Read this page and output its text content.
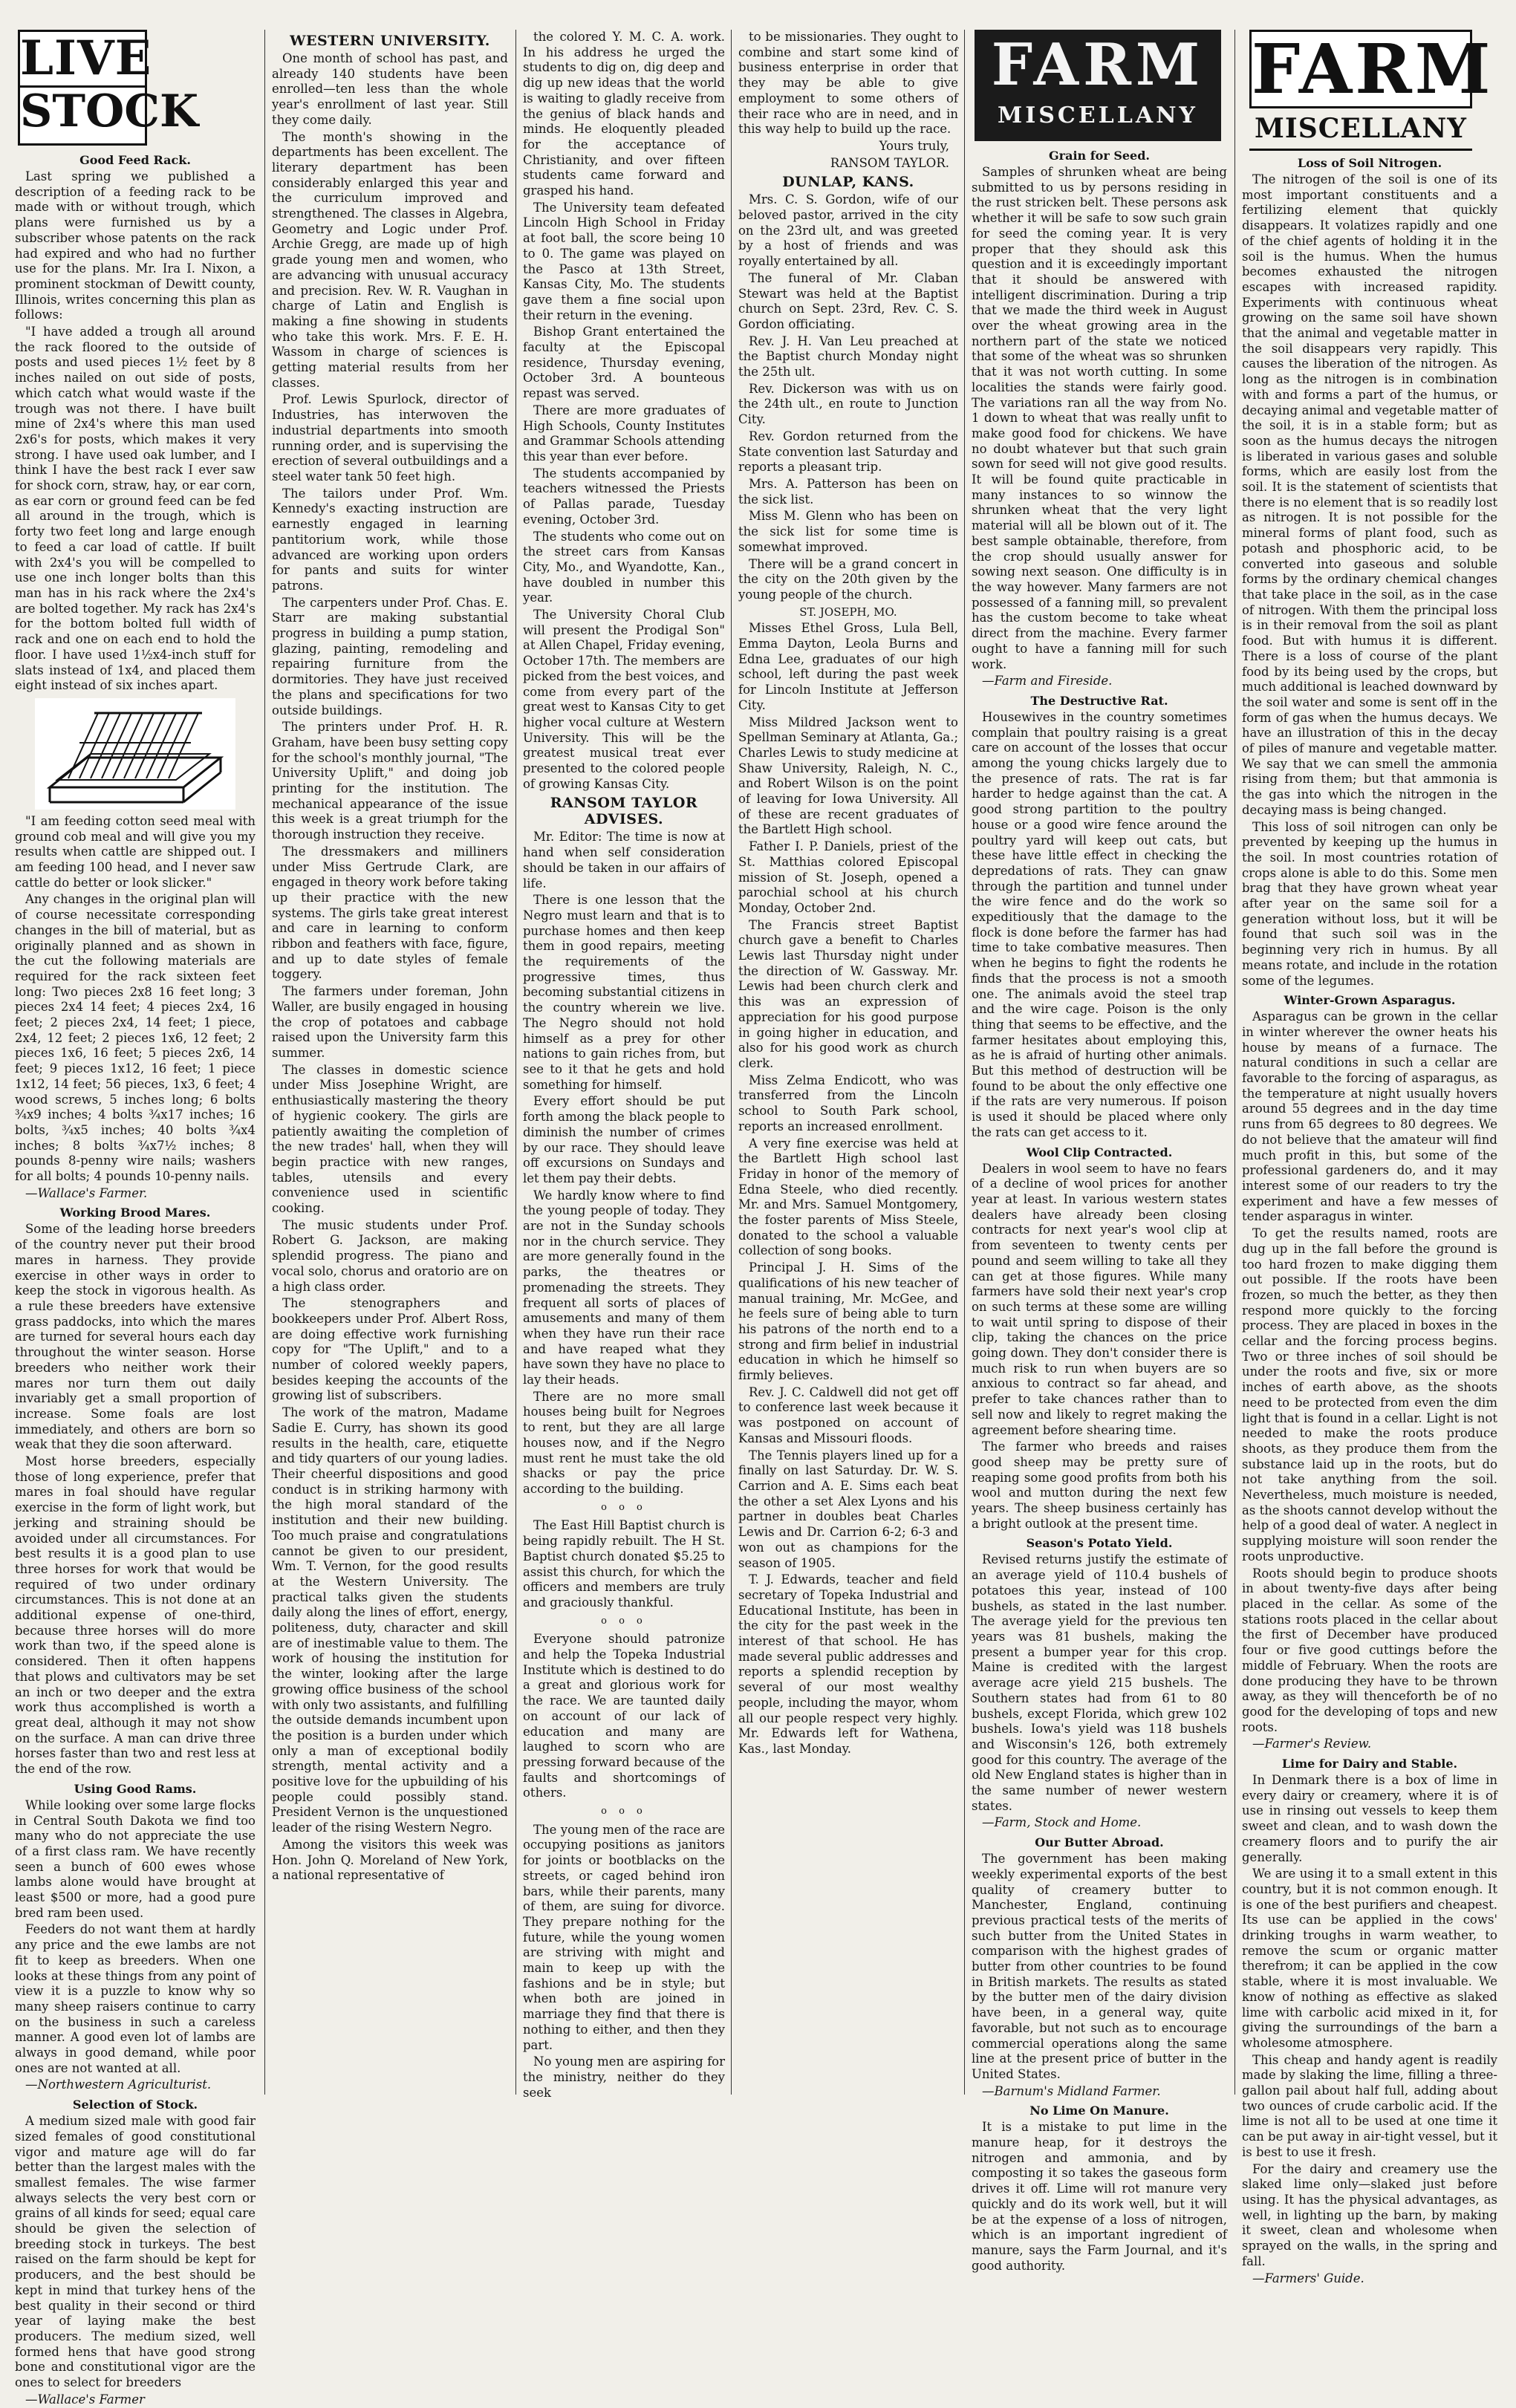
LIVE
STOCK
Good Feed Rack.

Last spring we published a description of a feeding rack to be made with or without trough, which plans were furnished us by a subscriber whose patents on the rack had expired and who had no further use for the plans. Mr. Ira I. Nixon, a prominent stockman of Dewitt county, Illinois, writes concerning this plan as follows:

"I have added a trough all around the rack floored to the outside of posts and used pieces 1½ feet by 8 inches nailed on out side of posts, which catch what would waste if the trough was not there. I have built mine of 2x4's where this man used 2x6's for posts, which makes it very strong. I have used oak lumber, and I think I have the best rack I ever saw for shock corn, straw, hay, or ear corn, as ear corn or ground feed can be fed all around in the trough, which is forty two feet long and large enough to feed a car load of cattle. If built with 2x4's you will be compelled to use one inch longer bolts than this man has in his rack where the 2x4's are bolted together. My rack has 2x4's for the bottom bolted full width of rack and one on each end to hold the floor. I have used 1½x4-inch stuff for slats instead of 1x4, and placed them eight instead of six inches apart.

"I am feeding cotton seed meal with ground cob meal and will give you my results when cattle are shipped out. I am feeding 100 head, and I never saw cattle do better or look slicker."

Any changes in the original plan will of course necessitate corresponding changes in the bill of material, but as originally planned and as shown in the cut the following materials are required for the rack sixteen feet long: Two pieces 2x8 16 feet long; 3 pieces 2x4 14 feet; 4 pieces 2x4, 16 feet; 2 pieces 2x4, 14 feet; 1 piece, 2x4, 12 feet; 2 pieces 1x6, 12 feet; 2 pieces 1x6, 16 feet; 5 pieces 2x6, 14 feet; 9 pieces 1x12, 16 feet; 1 piece 1x12, 14 feet; 56 pieces, 1x3, 6 feet; 4 wood screws, 5 inches long; 6 bolts ¾x9 inches; 4 bolts ¾x17 inches; 16 bolts, ¾x5 inches; 40 bolts ¾x4 inches; 8 bolts ¾x7½ inches; 8 pounds 8-penny wire nails; washers for all bolts; 4 pounds 10-penny nails.

—Wallace's Farmer.

Working Brood Mares.

Some of the leading horse breeders of the country never put their brood mares in harness. They provide exercise in other ways in order to keep the stock in vigorous health. As a rule these breeders have extensive grass paddocks, into which the mares are turned for several hours each day throughout the winter season. Horse breeders who neither work their mares nor turn them out daily invariably get a small proportion of increase. Some foals are lost immediately, and others are born so weak that they die soon afterward.

Most horse breeders, especially those of long experience, prefer that mares in foal should have regular exercise in the form of light work, but jerking and straining should be avoided under all circumstances. For best results it is a good plan to use three horses for work that would be required of two under ordinary circumstances. This is not done at an additional expense of one-third, because three horses will do more work than two, if the speed alone is considered. Then it often happens that plows and cultivators may be set an inch or two deeper and the extra work thus accomplished is worth a great deal, although it may not show on the surface. A man can drive three horses faster than two and rest less at the end of the row.

Using Good Rams.

While looking over some large flocks in Central South Dakota we find too many who do not appreciate the use of a first class ram. We have recently seen a bunch of 600 ewes whose lambs alone would have brought at least $500 or more, had a good pure bred ram been used.

Feeders do not want them at hardly any price and the ewe lambs are not fit to keep as breeders. When one looks at these things from any point of view it is a puzzle to know why so many sheep raisers continue to carry on the business in such a careless manner. A good even lot of lambs are always in good demand, while poor ones are not wanted at all.

—Northwestern Agriculturist.

Selection of Stock.

A medium sized male with good fair sized females of good constitutional vigor and mature age will do far better than the largest males with the smallest females. The wise farmer always selects the very best corn or grains of all kinds for seed; equal care should be given the selection of breeding stock in turkeys. The best raised on the farm should be kept for producers, and the best should be kept in mind that turkey hens of the best quality in their second or third year of laying make the best producers. The medium sized, well formed hens that have good strong bone and constitutional vigor are the ones to select for breeders

—Wallace's Farmer

WESTERN UNIVERSITY.

One month of school has past, and already 140 students have been enrolled—ten less than the whole year's enrollment of last year. Still they come daily.

The month's showing in the departments has been excellent. The literary department has been considerably enlarged this year and the curriculum improved and strengthened. The classes in Algebra, Geometry and Logic under Prof. Archie Gregg, are made up of high grade young men and women, who are advancing with unusual accuracy and precision. Rev. W. R. Vaughan in charge of Latin and English is making a fine showing in students who take this work. Mrs. F. E. H. Wassom in charge of sciences is getting material results from her classes.

Prof. Lewis Spurlock, director of Industries, has interwoven the industrial departments into smooth running order, and is supervising the erection of several outbuildings and a steel water tank 50 feet high.

The tailors under Prof. Wm. Kennedy's exacting instruction are earnestly engaged in learning pantitorium work, while those advanced are working upon orders for pants and suits for winter patrons.

The carpenters under Prof. Chas. E. Starr are making substantial progress in building a pump station, glazing, painting, remodeling and repairing furniture from the dormitories. They have just received the plans and specifications for two outside buildings.

The printers under Prof. H. R. Graham, have been busy setting copy for the school's monthly journal, "The University Uplift," and doing job printing for the institution. The mechanical appearance of the issue this week is a great triumph for the thorough instruction they receive.

The dressmakers and milliners under Miss Gertrude Clark, are engaged in theory work before taking up their practice with the new systems. The girls take great interest and care in learning to conform ribbon and feathers with face, figure, and up to date styles of female toggery.

The farmers under foreman, John Waller, are busily engaged in housing the crop of potatoes and cabbage raised upon the University farm this summer.

The classes in domestic science under Miss Josephine Wright, are enthusiastically mastering the theory of hygienic cookery. The girls are patiently awaiting the completion of the new trades' hall, when they will begin practice with new ranges, tables, utensils and every convenience used in scientific cooking.

The music students under Prof. Robert G. Jackson, are making splendid progress. The piano and vocal solo, chorus and oratorio are on a high class order.

The stenographers and bookkeepers under Prof. Albert Ross, are doing effective work furnishing copy for "The Uplift," and to a number of colored weekly papers, besides keeping the accounts of the growing list of subscribers.

The work of the matron, Madame Sadie E. Curry, has shown its good results in the health, care, etiquette and tidy quarters of our young ladies. Their cheerful dispositions and good conduct is in striking harmony with the high moral standard of the institution and their new building. Too much praise and congratulations cannot be given to our president, Wm. T. Vernon, for the good results at the Western University. The practical talks given the students daily along the lines of effort, energy, politeness, duty, character and skill are of inestimable value to them. The work of housing the institution for the winter, looking after the large growing office business of the school with only two assistants, and fulfilling the outside demands incumbent upon the position is a burden under which only a man of exceptional bodily strength, mental activity and a positive love for the upbuilding of his people could possibly stand. President Vernon is the unquestioned leader of the rising Western Negro.

Among the visitors this week was Hon. John Q. Moreland of New York, a national representative of

the colored Y. M. C. A. work. In his address he urged the students to dig on, dig deep and dig up new ideas that the world is waiting to gladly receive from the genius of black hands and minds. He eloquently pleaded for the acceptance of Christianity, and over fifteen students came forward and grasped his hand.

The University team defeated Lincoln High School in Friday at foot ball, the score being 10 to 0. The game was played on the Pasco at 13th Street, Kansas City, Mo. The students gave them a fine social upon their return in the evening.

Bishop Grant entertained the faculty at the Episcopal residence, Thursday evening, October 3rd. A bounteous repast was served.

There are more graduates of High Schools, County Institutes and Grammar Schools attending this year than ever before.

The students accompanied by teachers witnessed the Priests of Pallas parade, Tuesday evening, October 3rd.

The students who come out on the street cars from Kansas City, Mo., and Wyandotte, Kan., have doubled in number this year.

The University Choral Club will present the Prodigal Son" at Allen Chapel, Friday evening, October 17th. The members are picked from the best voices, and come from every part of the great west to Kansas City to get higher vocal culture at Western University. This will be the greatest musical treat ever presented to the colored people of growing Kansas City.

RANSOM TAYLOR ADVISES.

Mr. Editor: The time is now at hand when self consideration should be taken in our affairs of life.

There is one lesson that the Negro must learn and that is to purchase homes and then keep them in good repairs, meeting the requirements of the progressive times, thus becoming substantial citizens in the country wherein we live. The Negro should not hold himself as a prey for other nations to gain riches from, but see to it that he gets and hold something for himself.

Every effort should be put forth among the black people to diminish the number of crimes by our race. They should leave off excursions on Sundays and let them pay their debts.

We hardly know where to find the young people of today. They are not in the Sunday schools nor in the church service. They are more generally found in the parks, the theatres or promenading the streets. They frequent all sorts of places of amusements and many of them when they have run their race and have reaped what they have sown they have no place to lay their heads.

There are no more small houses being built for Negroes to rent, but they are all large houses now, and if the Negro must rent he must take the old shacks or pay the price according to the building.

o o o

The East Hill Baptist church is being rapidly rebuilt. The H St. Baptist church donated $5.25 to assist this church, for which the officers and members are truly and graciously thankful.

o o o

Everyone should patronize and help the Topeka Industrial Institute which is destined to do a great and glorious work for the race. We are taunted daily on account of our lack of education and many are laughed to scorn who are pressing forward because of the faults and shortcomings of others.

o o o

The young men of the race are occupying positions as janitors for joints or bootblacks on the streets, or caged behind iron bars, while their parents, many of them, are suing for divorce. They prepare nothing for the future, while the young women are striving with might and main to keep up with the fashions and be in style; but when both are joined in marriage they find that there is nothing to either, and then they part.

No young men are aspiring for the ministry, neither do they seek

to be missionaries. They ought to combine and start some kind of business enterprise in order that they may be able to give employment to some others of their race who are in need, and in this way help to build up the race.

Yours truly,
RANSOM TAYLOR.
DUNLAP, KANS.

Mrs. C. S. Gordon, wife of our beloved pastor, arrived in the city on the 23rd ult, and was greeted by a host of friends and was royally entertained by all.

The funeral of Mr. Claban Stewart was held at the Baptist church on Sept. 23rd, Rev. C. S. Gordon officiating.

Rev. J. H. Van Leu preached at the Baptist church Monday night the 25th ult.

Rev. Dickerson was with us on the 24th ult., en route to Junction City.

Rev. Gordon returned from the State convention last Saturday and reports a pleasant trip.

Mrs. A. Patterson has been on the sick list.

Miss M. Glenn who has been on the sick list for some time is somewhat improved.

There will be a grand concert in the city on the 20th given by the young people of the church.

ST. JOSEPH, MO.

Misses Ethel Gross, Lula Bell, Emma Dayton, Leola Burns and Edna Lee, graduates of our high school, left during the past week for Lincoln Institute at Jefferson City.

Miss Mildred Jackson went to Spellman Seminary at Atlanta, Ga.; Charles Lewis to study medicine at Shaw University, Raleigh, N. C., and Robert Wilson is on the point of leaving for Iowa University. All of these are recent graduates of the Bartlett High school.

Father I. P. Daniels, priest of the St. Matthias colored Episcopal mission of St. Joseph, opened a parochial school at his church Monday, October 2nd.

The Francis street Baptist church gave a benefit to Charles Lewis last Thursday night under the direction of W. Gassway. Mr. Lewis had been church clerk and this was an expression of appreciation for his good purpose in going higher in education, and also for his good work as church clerk.

Miss Zelma Endicott, who was transferred from the Lincoln school to South Park school, reports an increased enrollment.

A very fine exercise was held at the Bartlett High school last Friday in honor of the memory of Edna Steele, who died recently. Mr. and Mrs. Samuel Montgomery, the foster parents of Miss Steele, donated to the school a valuable collection of song books.

Principal J. H. Sims of the qualifications of his new teacher of manual training, Mr. McGee, and he feels sure of being able to turn his patrons of the north end to a strong and firm belief in industrial education in which he himself so firmly believes.

Rev. J. C. Caldwell did not get off to conference last week because it was postponed on account of Kansas and Missouri floods.

The Tennis players lined up for a finally on last Saturday. Dr. W. S. Carrion and A. E. Sims each beat the other a set Alex Lyons and his partner in doubles beat Charles Lewis and Dr. Carrion 6-2; 6-3 and won out as champions for the season of 1905.

T. J. Edwards, teacher and field secretary of Topeka Industrial and Educational Institute, has been in the city for the past week in the interest of that school. He has made several public addresses and reports a splendid reception by several of our most wealthy people, including the mayor, whom all our people respect very highly. Mr. Edwards left for Wathena, Kas., last Monday.

FARM
MISCELLANY
Grain for Seed.

Samples of shrunken wheat are being submitted to us by persons residing in the rust stricken belt. These persons ask whether it will be safe to sow such grain for seed the coming year. It is very proper that they should ask this question and it is exceedingly important that it should be answered with intelligent discrimination. During a trip that we made the third week in August over the wheat growing area in the northern part of the state we noticed that some of the wheat was so shrunken that it was not worth cutting. In some localities the stands were fairly good. The variations ran all the way from No. 1 down to wheat that was really unfit to make good food for chickens. We have no doubt whatever but that such grain sown for seed will not give good results. It will be found quite practicable in many instances to so winnow the shrunken wheat that the very light material will all be blown out of it. The best sample obtainable, therefore, from the crop should usually answer for sowing next season. One difficulty is in the way however. Many farmers are not possessed of a fanning mill, so prevalent has the custom become to take wheat direct from the machine. Every farmer ought to have a fanning mill for such work.

—Farm and Fireside.

The Destructive Rat.

Housewives in the country sometimes complain that poultry raising is a great care on account of the losses that occur among the young chicks largely due to the presence of rats. The rat is far harder to hedge against than the cat. A good strong partition to the poultry house or a good wire fence around the poultry yard will keep out cats, but these have little effect in checking the depredations of rats. They can gnaw through the partition and tunnel under the wire fence and do the work so expeditiously that the damage to the flock is done before the farmer has had time to take combative measures. Then when he begins to fight the rodents he finds that the process is not a smooth one. The animals avoid the steel trap and the wire cage. Poison is the only thing that seems to be effective, and the farmer hesitates about employing this, as he is afraid of hurting other animals. But this method of destruction will be found to be about the only effective one if the rats are very numerous. If poison is used it should be placed where only the rats can get access to it.

Wool Clip Contracted.

Dealers in wool seem to have no fears of a decline of wool prices for another year at least. In various western states dealers have already been closing contracts for next year's wool clip at from seventeen to twenty cents per pound and seem willing to take all they can get at those figures. While many farmers have sold their next year's crop on such terms at these some are willing to wait until spring to dispose of their clip, taking the chances on the price going down. They don't consider there is much risk to run when buyers are so anxious to contract so far ahead, and prefer to take chances rather than to sell now and likely to regret making the agreement before shearing time.

The farmer who breeds and raises good sheep may be pretty sure of reaping some good profits from both his wool and mutton during the next few years. The sheep business certainly has a bright outlook at the present time.

Season's Potato Yield.

Revised returns justify the estimate of an average yield of 110.4 bushels of potatoes this year, instead of 100 bushels, as stated in the last number. The average yield for the previous ten years was 81 bushels, making the present a bumper year for this crop. Maine is credited with the largest average acre yield 215 bushels. The Southern states had from 61 to 80 bushels, except Florida, which grew 102 bushels. Iowa's yield was 118 bushels and Wisconsin's 126, both extremely good for this country. The average of the old New England states is higher than in the same number of newer western states.

—Farm, Stock and Home.

Our Butter Abroad.

The government has been making weekly experimental exports of the best quality of creamery butter to Manchester, England, continuing previous practical tests of the merits of such butter from the United States in comparison with the highest grades of butter from other countries to be found in British markets. The results as stated by the butter men of the dairy division have been, in a general way, quite favorable, but not such as to encourage commercial operations along the same line at the present price of butter in the United States.

—Barnum's Midland Farmer.

No Lime On Manure.

It is a mistake to put lime in the manure heap, for it destroys the nitrogen and ammonia, and by composting it so takes the gaseous form drives it off. Lime will rot manure very quickly and do its work well, but it will be at the expense of a loss of nitrogen, which is an important ingredient of manure, says the Farm Journal, and it's good authority.

FARM
MISCELLANY
Loss of Soil Nitrogen.

The nitrogen of the soil is one of its most important constituents and a fertilizing element that quickly disappears. It volatizes rapidly and one of the chief agents of holding it in the soil is the humus. When the humus becomes exhausted the nitrogen escapes with increased rapidity. Experiments with continuous wheat growing on the same soil have shown that the animal and vegetable matter in the soil disappears very rapidly. This causes the liberation of the nitrogen. As long as the nitrogen is in combination with and forms a part of the humus, or decaying animal and vegetable matter of the soil, it is in a stable form; but as soon as the humus decays the nitrogen is liberated in various gases and soluble forms, which are easily lost from the soil. It is the statement of scientists that there is no element that is so readily lost as nitrogen. It is not possible for the mineral forms of plant food, such as potash and phosphoric acid, to be converted into gaseous and soluble forms by the ordinary chemical changes that take place in the soil, as in the case of nitrogen. With them the principal loss is in their removal from the soil as plant food. But with humus it is different. There is a loss of course of the plant food by its being used by the crops, but much additional is leached downward by the soil water and some is sent off in the form of gas when the humus decays. We have an illustration of this in the decay of piles of manure and vegetable matter. We say that we can smell the ammonia rising from them; but that ammonia is the gas into which the nitrogen in the decaying mass is being changed.

This loss of soil nitrogen can only be prevented by keeping up the humus in the soil. In most countries rotation of crops alone is able to do this. Some men brag that they have grown wheat year after year on the same soil for a generation without loss, but it will be found that such soil was in the beginning very rich in humus. By all means rotate, and include in the rotation some of the legumes.

Winter-Grown Asparagus.

Asparagus can be grown in the cellar in winter wherever the owner heats his house by means of a furnace. The natural conditions in such a cellar are favorable to the forcing of asparagus, as the temperature at night usually hovers around 55 degrees and in the day time runs from 65 degrees to 80 degrees. We do not believe that the amateur will find much profit in this, but some of the professional gardeners do, and it may interest some of our readers to try the experiment and have a few messes of tender asparagus in winter.

To get the results named, roots are dug up in the fall before the ground is too hard frozen to make digging them out possible. If the roots have been frozen, so much the better, as they then respond more quickly to the forcing process. They are placed in boxes in the cellar and the forcing process begins. Two or three inches of soil should be under the roots and five, six or more inches of earth above, as the shoots need to be protected from even the dim light that is found in a cellar. Light is not needed to make the roots produce shoots, as they produce them from the substance laid up in the roots, but do not take anything from the soil. Nevertheless, much moisture is needed, as the shoots cannot develop without the help of a good deal of water. A neglect in supplying moisture will soon render the roots unproductive.

Roots should begin to produce shoots in about twenty-five days after being placed in the cellar. As some of the stations roots placed in the cellar about the first of December have produced four or five good cuttings before the middle of February. When the roots are done producing they have to be thrown away, as they will thenceforth be of no good for the developing of tops and new roots.

—Farmer's Review.

Lime for Dairy and Stable.

In Denmark there is a box of lime in every dairy or creamery, where it is of use in rinsing out vessels to keep them sweet and clean, and to wash down the creamery floors and to purify the air generally.

We are using it to a small extent in this country, but it is not common enough. It is one of the best purifiers and cheapest. Its use can be applied in the cows' drinking troughs in warm weather, to remove the scum or organic matter therefrom; it can be applied in the cow stable, where it is most invaluable. We know of nothing as effective as slaked lime with carbolic acid mixed in it, for giving the surroundings of the barn a wholesome atmosphere.

This cheap and handy agent is readily made by slaking the lime, filling a three-gallon pail about half full, adding about two ounces of crude carbolic acid. If the lime is not all to be used at one time it can be put away in air-tight vessel, but it is best to use it fresh.

For the dairy and creamery use the slaked lime only—slaked just before using. It has the physical advantages, as well, in lighting up the barn, by making it sweet, clean and wholesome when sprayed on the walls, in the spring and fall.

—Farmers' Guide.
